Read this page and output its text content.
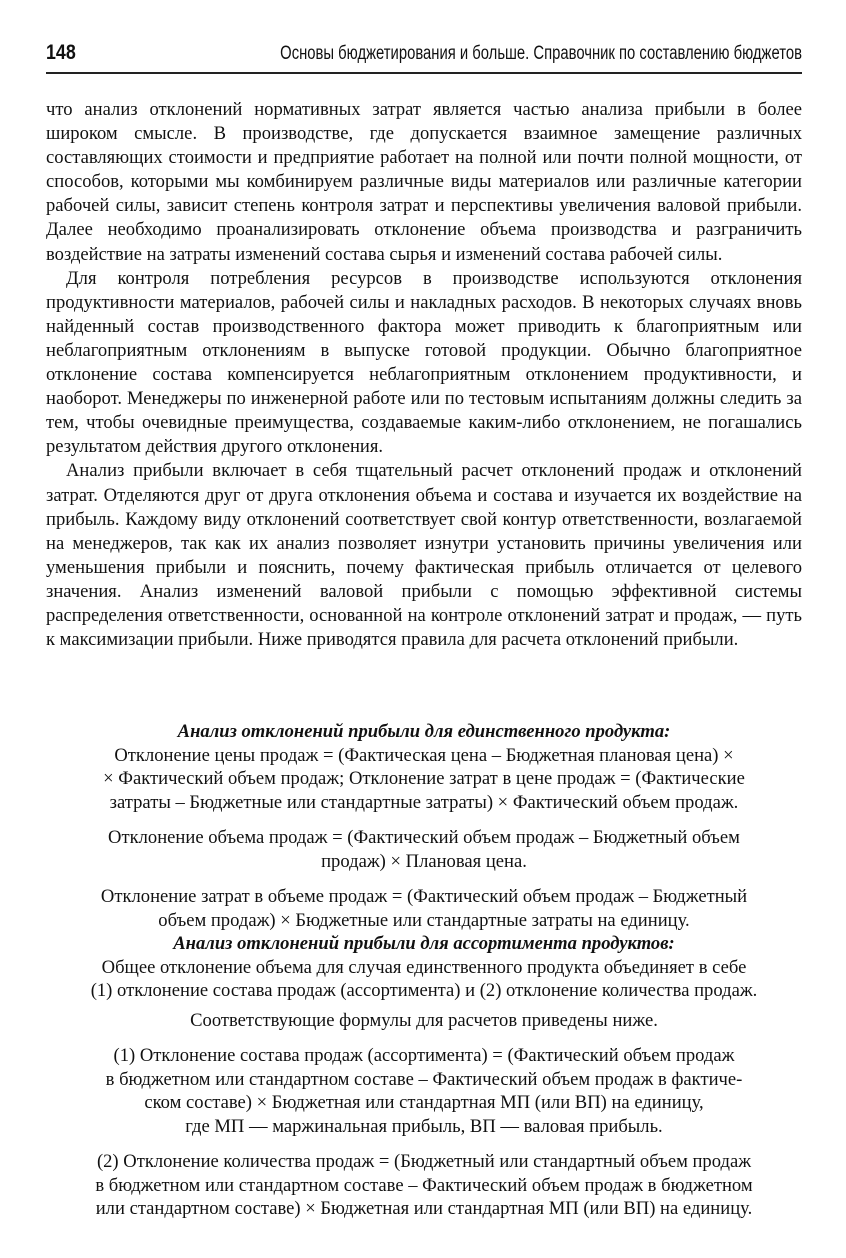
148	Основы бюджетирования и больше. Справочник по составлению бюджетов

что анализ отклонений нормативных затрат является частью анализа прибыли в более широком смысле. В производстве, где допускается взаимное замещение различных составляющих стоимости и предприятие работает на полной или почти полной мощности, от способов, которыми мы комбинируем различные виды материалов или различные категории рабочей силы, зависит степень контроля затрат и перспективы увеличения валовой прибыли. Далее необходимо проанализировать отклонение объема производства и разграничить воздействие на затраты изменений состава сырья и изменений состава рабочей силы.

Для контроля потребления ресурсов в производстве используются отклонения продуктивности материалов, рабочей силы и накладных расходов. В некоторых случаях вновь найденный состав производственного фактора может приводить к благоприятным или неблагоприятным отклонениям в выпуске готовой продукции. Обычно благоприятное отклонение состава компенсируется неблагоприятным отклонением продуктивности, и наоборот. Менеджеры по инженерной работе или по тестовым испытаниям должны следить за тем, чтобы очевидные преимущества, создаваемые каким-либо отклонением, не погашались результатом действия другого отклонения.

Анализ прибыли включает в себя тщательный расчет отклонений продаж и отклонений затрат. Отделяются друг от друга отклонения объема и состава и изучается их воздействие на прибыль. Каждому виду отклонений соответствует свой контур ответственности, возлагаемой на менеджеров, так как их анализ позволяет изнутри установить причины увеличения или уменьшения прибыли и пояснить, почему фактическая прибыль отличается от целевого значения. Анализ изменений валовой прибыли с помощью эффективной системы распределения ответственности, основанной на контроле отклонений затрат и продаж, — путь к максимизации прибыли. Ниже приводятся правила для расчета отклонений прибыли.

Анализ отклонений прибыли для единственного продукта:

Отклонение цены продаж = (Фактическая цена – Бюджетная плановая цена) ×

× Фактический объем продаж; Отклонение затрат в цене продаж = (Фактические

затраты – Бюджетные или стандартные затраты) × Фактический объем продаж.

Отклонение объема продаж = (Фактический объем продаж – Бюджетный объем

продаж) × Плановая цена.

Отклонение затрат в объеме продаж = (Фактический объем продаж – Бюджетный

объем продаж) × Бюджетные или стандартные затраты на единицу.

Анализ отклонений прибыли для ассортимента продуктов:

Общее отклонение объема для случая единственного продукта объединяет в себе

(1) отклонение состава продаж (ассортимента) и (2) отклонение количества продаж.

Соответствующие формулы для расчетов приведены ниже.

(1) Отклонение состава продаж (ассортимента) = (Фактический объем продаж

в бюджетном или стандартном составе – Фактический объем продаж в фактиче-

ском составе) × Бюджетная или стандартная МП (или ВП) на единицу,

где МП — маржинальная прибыль, ВП — валовая прибыль.

(2) Отклонение количества продаж = (Бюджетный или стандартный объем продаж

в бюджетном или стандартном составе – Фактический объем продаж в бюджетном

или стандартном составе) × Бюджетная или стандартная МП (или ВП) на единицу.
